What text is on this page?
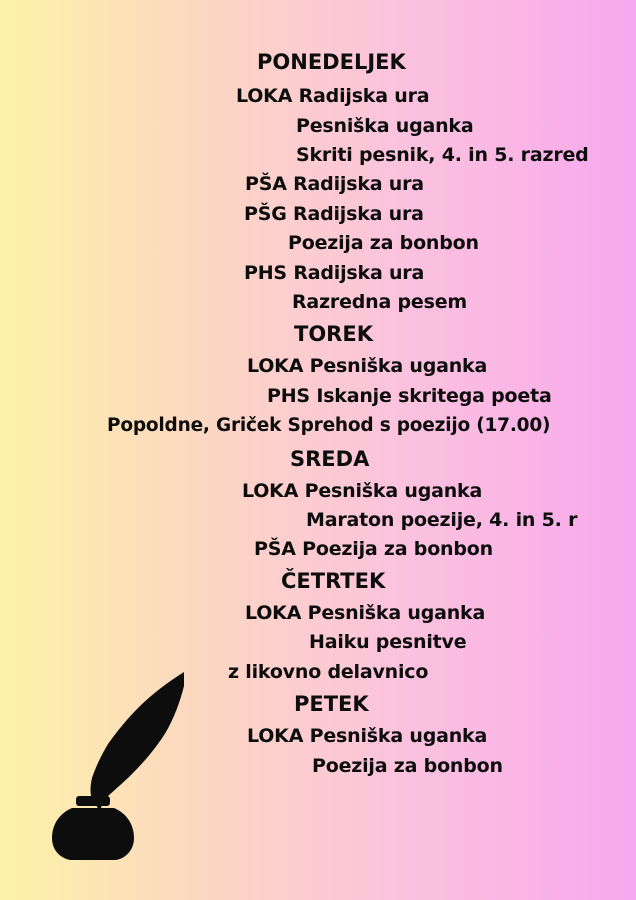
PONEDELJEK
LOKA Radijska ura
Pesniška uganka
Skriti pesnik, 4. in 5. razred
PŠA Radijska ura
PŠG Radijska ura
Poezija za bonbon
PHS Radijska ura
Razredna pesem
TOREK
LOKA Pesniška uganka
PHS Iskanje skritega poeta
Popoldne, Griček Sprehod s poezijo (17.00)
SREDA
LOKA Pesniška uganka
Maraton poezije, 4. in 5. r
PŠA Poezija za bonbon
ČETRTEK
LOKA Pesniška uganka
Haiku pesnitve
z likovno delavnico
PETEK
LOKA Pesniška uganka
Poezija za bonbon
